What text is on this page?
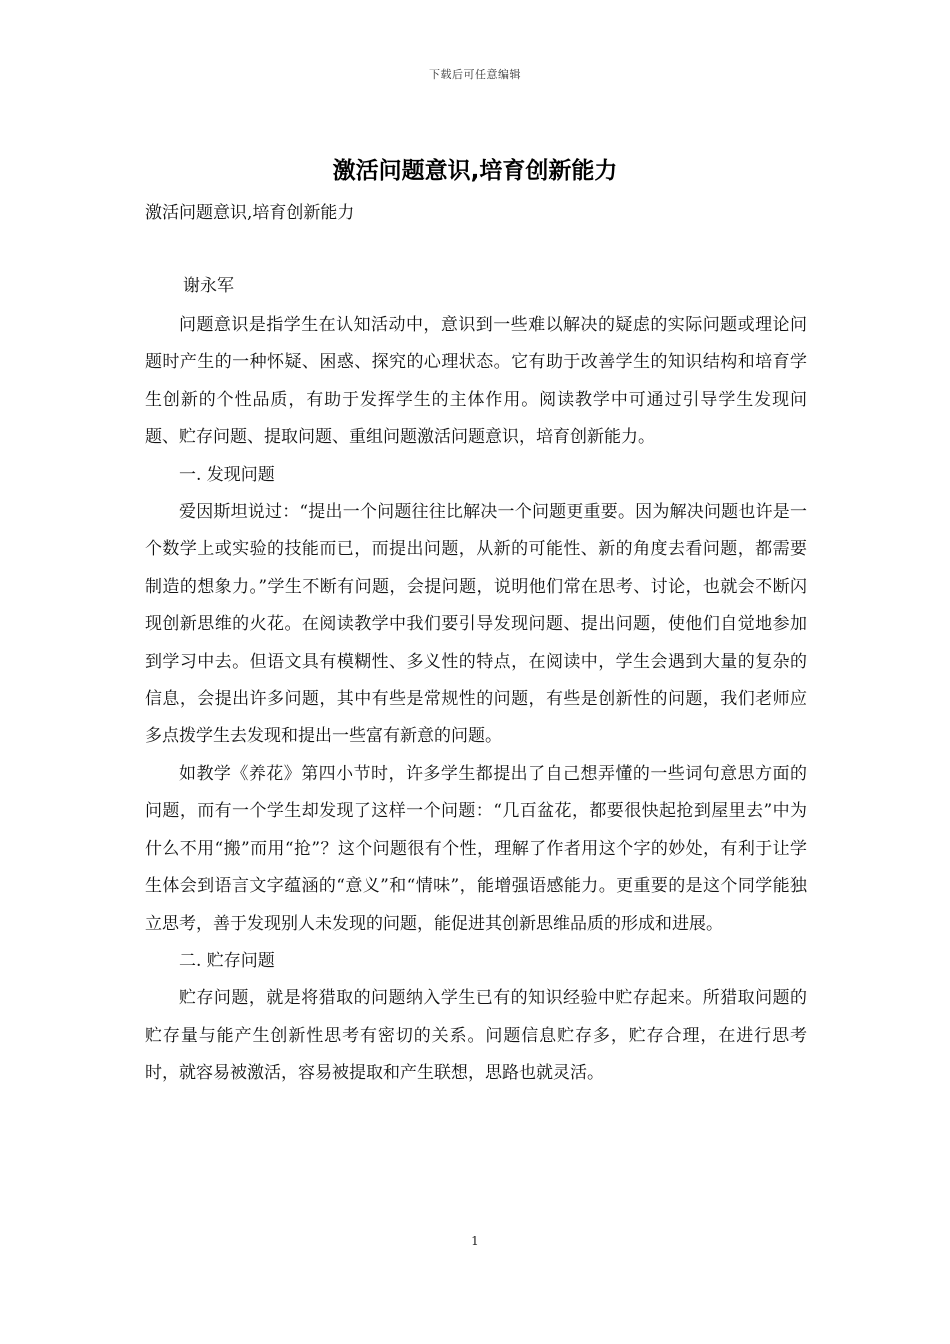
下载后可任意编辑
激活问题意识,培育创新能力
激活问题意识,培育创新能力
谢永军

问题意识是指学生在认知活动中，意识到一些难以解决的疑虑的实际问题或理论问题时产生的一种怀疑、困惑、探究的心理状态。它有助于改善学生的知识结构和培育学生创新的个性品质，有助于发挥学生的主体作用。阅读教学中可通过引导学生发现问题、贮存问题、提取问题、重组问题激活问题意识，培育创新能力。

一. 发现问题

爱因斯坦说过：“提出一个问题往往比解决一个问题更重要。因为解决问题也许是一个数学上或实验的技能而已，而提出问题，从新的可能性、新的角度去看问题，都需要制造的想象力。”学生不断有问题，会提问题，说明他们常在思考、讨论，也就会不断闪现创新思维的火花。在阅读教学中我们要引导发现问题、提出问题，使他们自觉地参加到学习中去。但语文具有模糊性、多义性的特点，在阅读中，学生会遇到大量的复杂的信息，会提出许多问题，其中有些是常规性的问题，有些是创新性的问题，我们老师应多点拨学生去发现和提出一些富有新意的问题。

如教学《养花》第四小节时，许多学生都提出了自己想弄懂的一些词句意思方面的问题，而有一个学生却发现了这样一个问题：“几百盆花，都要很快起抢到屋里去”中为什么不用“搬”而用“抢”？这个问题很有个性，理解了作者用这个字的妙处，有利于让学生体会到语言文字蕴涵的“意义”和“情味”，能增强语感能力。更重要的是这个同学能独立思考，善于发现别人未发现的问题，能促进其创新思维品质的形成和进展。

二. 贮存问题

贮存问题，就是将猎取的问题纳入学生已有的知识经验中贮存起来。所猎取问题的贮存量与能产生创新性思考有密切的关系。问题信息贮存多，贮存合理，在进行思考时，就容易被激活，容易被提取和产生联想，思路也就灵活。

1
